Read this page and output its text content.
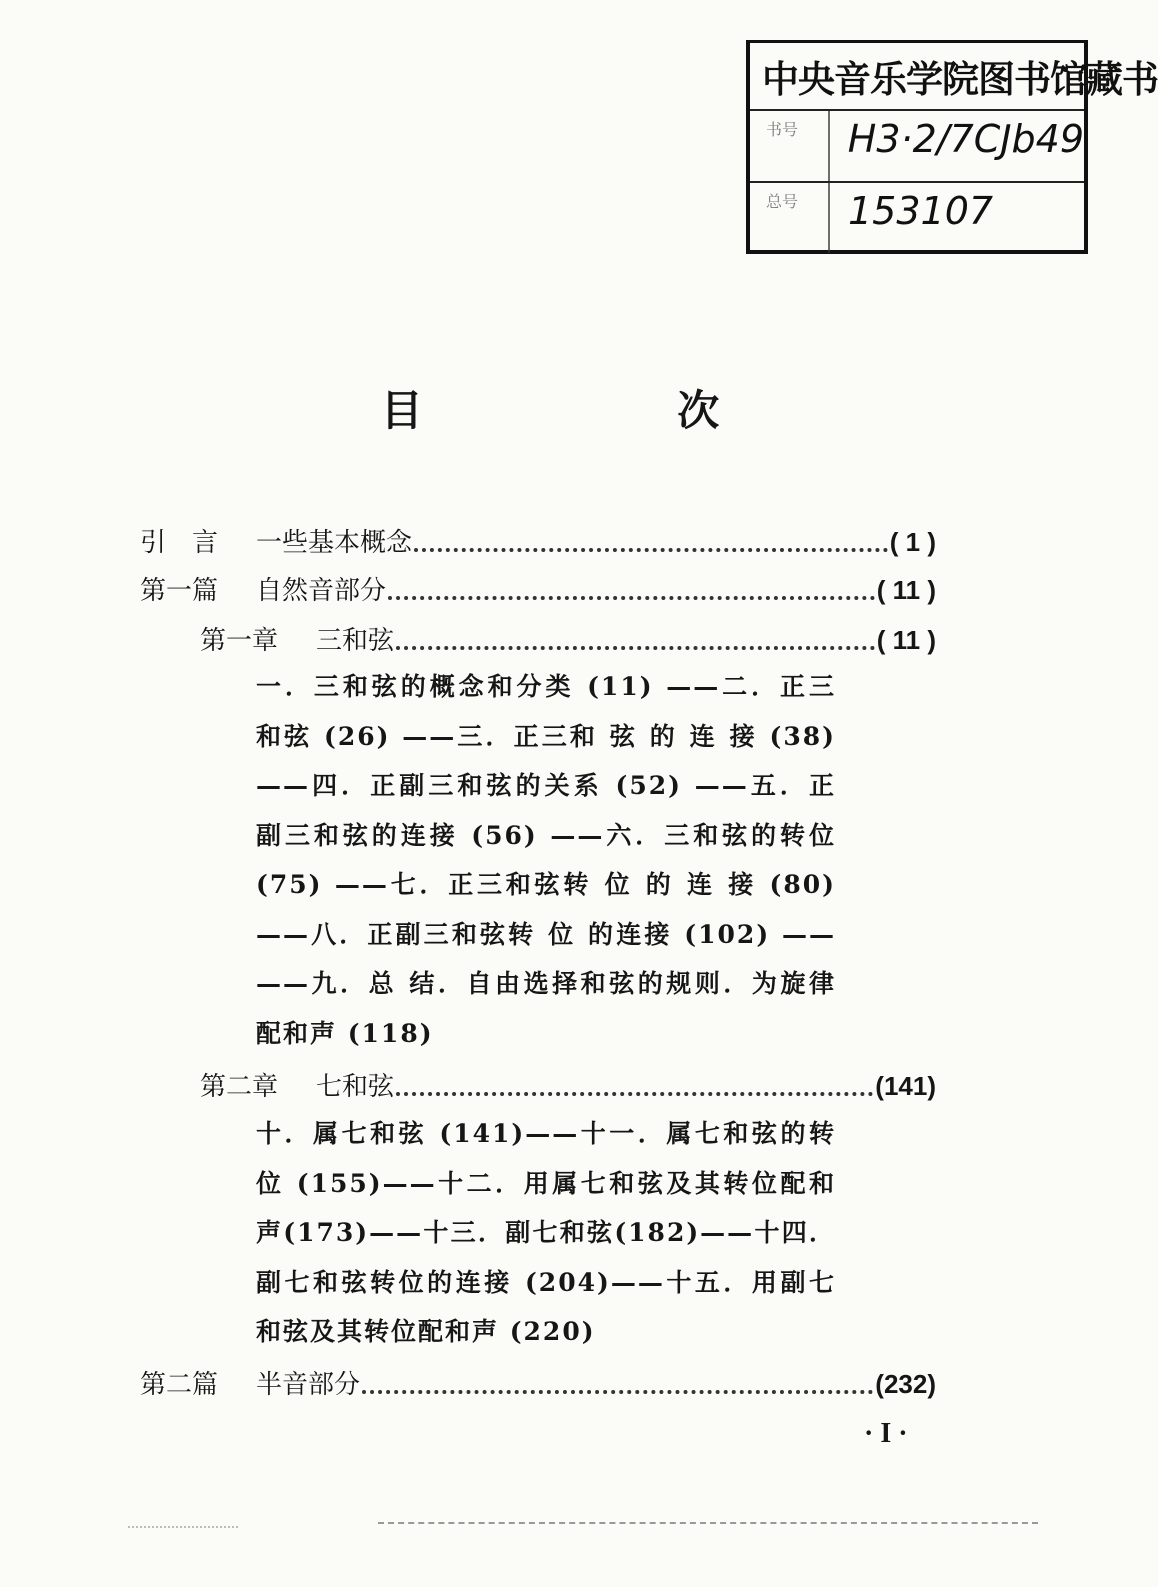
中央音乐学院图书馆藏书
书号	H3·2/7CJb49
总号	153107
目 次
引　言	一些基本概念	( 1 )
第一篇	自然音部分	( 11 )
第一章	三和弦	( 11 )

一．三和弦的概念和分类 (11) ——二．正三

和弦 (26) ——三．正三和 弦 的 连 接 (38)

——四．正副三和弦的关系 (52) ——五．正

副三和弦的连接 (56) ——六．三和弦的转位

(75) ——七．正三和弦转 位 的 连 接 (80)

——八．正副三和弦转 位 的连接 (102) ——

——九．总 结．自由选择和弦的规则．为旋律

配和声 (118)

第二章	七和弦	(141)

十．属七和弦 (141)——十一．属七和弦的转

位 (155)——十二．用属七和弦及其转位配和

声(173)——十三．副七和弦(182)——十四．

副七和弦转位的连接 (204)——十五．用副七

和弦及其转位配和声 (220)

第二篇	半音部分	(232)
· I ·
